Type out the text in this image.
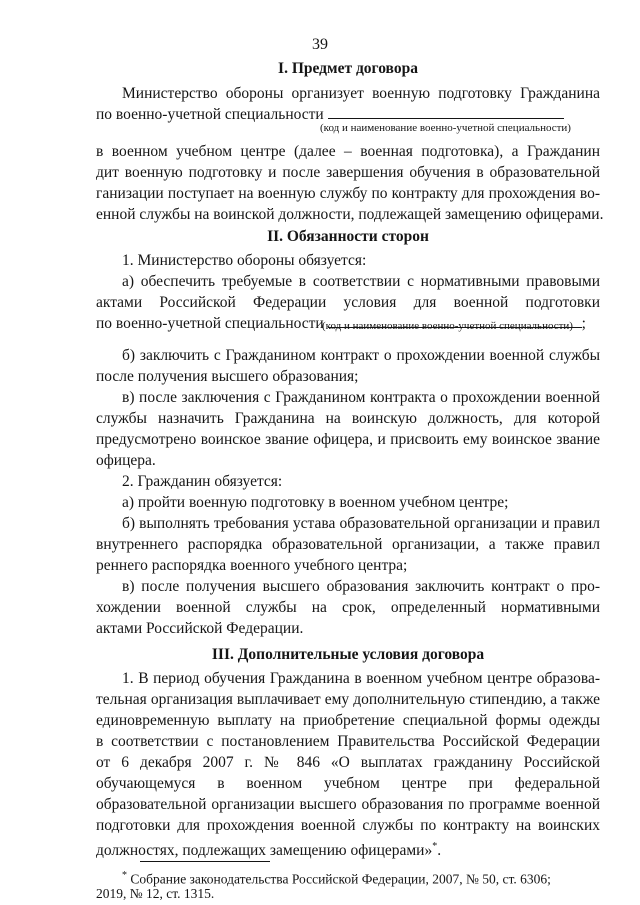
39
I. Предмет договора
Министерство обороны организует военную подготовку Гражданина
по военно-учетной специальности
(код и наименование военно-учетной специальности)
в военном учебном центре (далее – военная подготовка), а Гражданин
дит военную подготовку и после завершения обучения в образовательной
ганизации поступает на военную службу по контракту для прохождения во-
енной службы на воинской должности, подлежащей замещению офицерами.
II. Обязанности сторон
1. Министерство обороны обязуется:
а) обеспечить требуемые в соответствии с нормативными правовыми
актами Российской Федерации условия для военной подготовки
по военно-учетной специальности	;
(код и наименование военно-учетной специальности)
б) заключить с Гражданином контракт о прохождении военной службы
после получения высшего образования;
в) после заключения с Гражданином контракта о прохождении военной
службы назначить Гражданина на воинскую должность, для которой
предусмотрено воинское звание офицера, и присвоить ему воинское звание
офицера.
2. Гражданин обязуется:
а) пройти военную подготовку в военном учебном центре;
б) выполнять требования устава образовательной организации и правил
внутреннего распорядка образовательной организации, а также правил
реннего распорядка военного учебного центра;
в) после получения высшего образования заключить контракт о про-
хождении военной службы на срок, определенный нормативными
актами Российской Федерации.
III. Дополнительные условия договора
1. В период обучения Гражданина в военном учебном центре образова-
тельная организация выплачивает ему дополнительную стипендию, а также
единовременную выплату на приобретение специальной формы одежды
в соответствии с постановлением Правительства Российской Федерации
от 6 декабря 2007 г. № 846 «О выплатах гражданину Российской
обучающемуся в военном учебном центре при федеральной
образовательной организации высшего образования по программе военной
подготовки для прохождения военной службы по контракту на воинских
должностях, подлежащих замещению офицерами»*.
* Собрание законодательства Российской Федерации, 2007, № 50, ст. 6306;
2019, № 12, ст. 1315.
